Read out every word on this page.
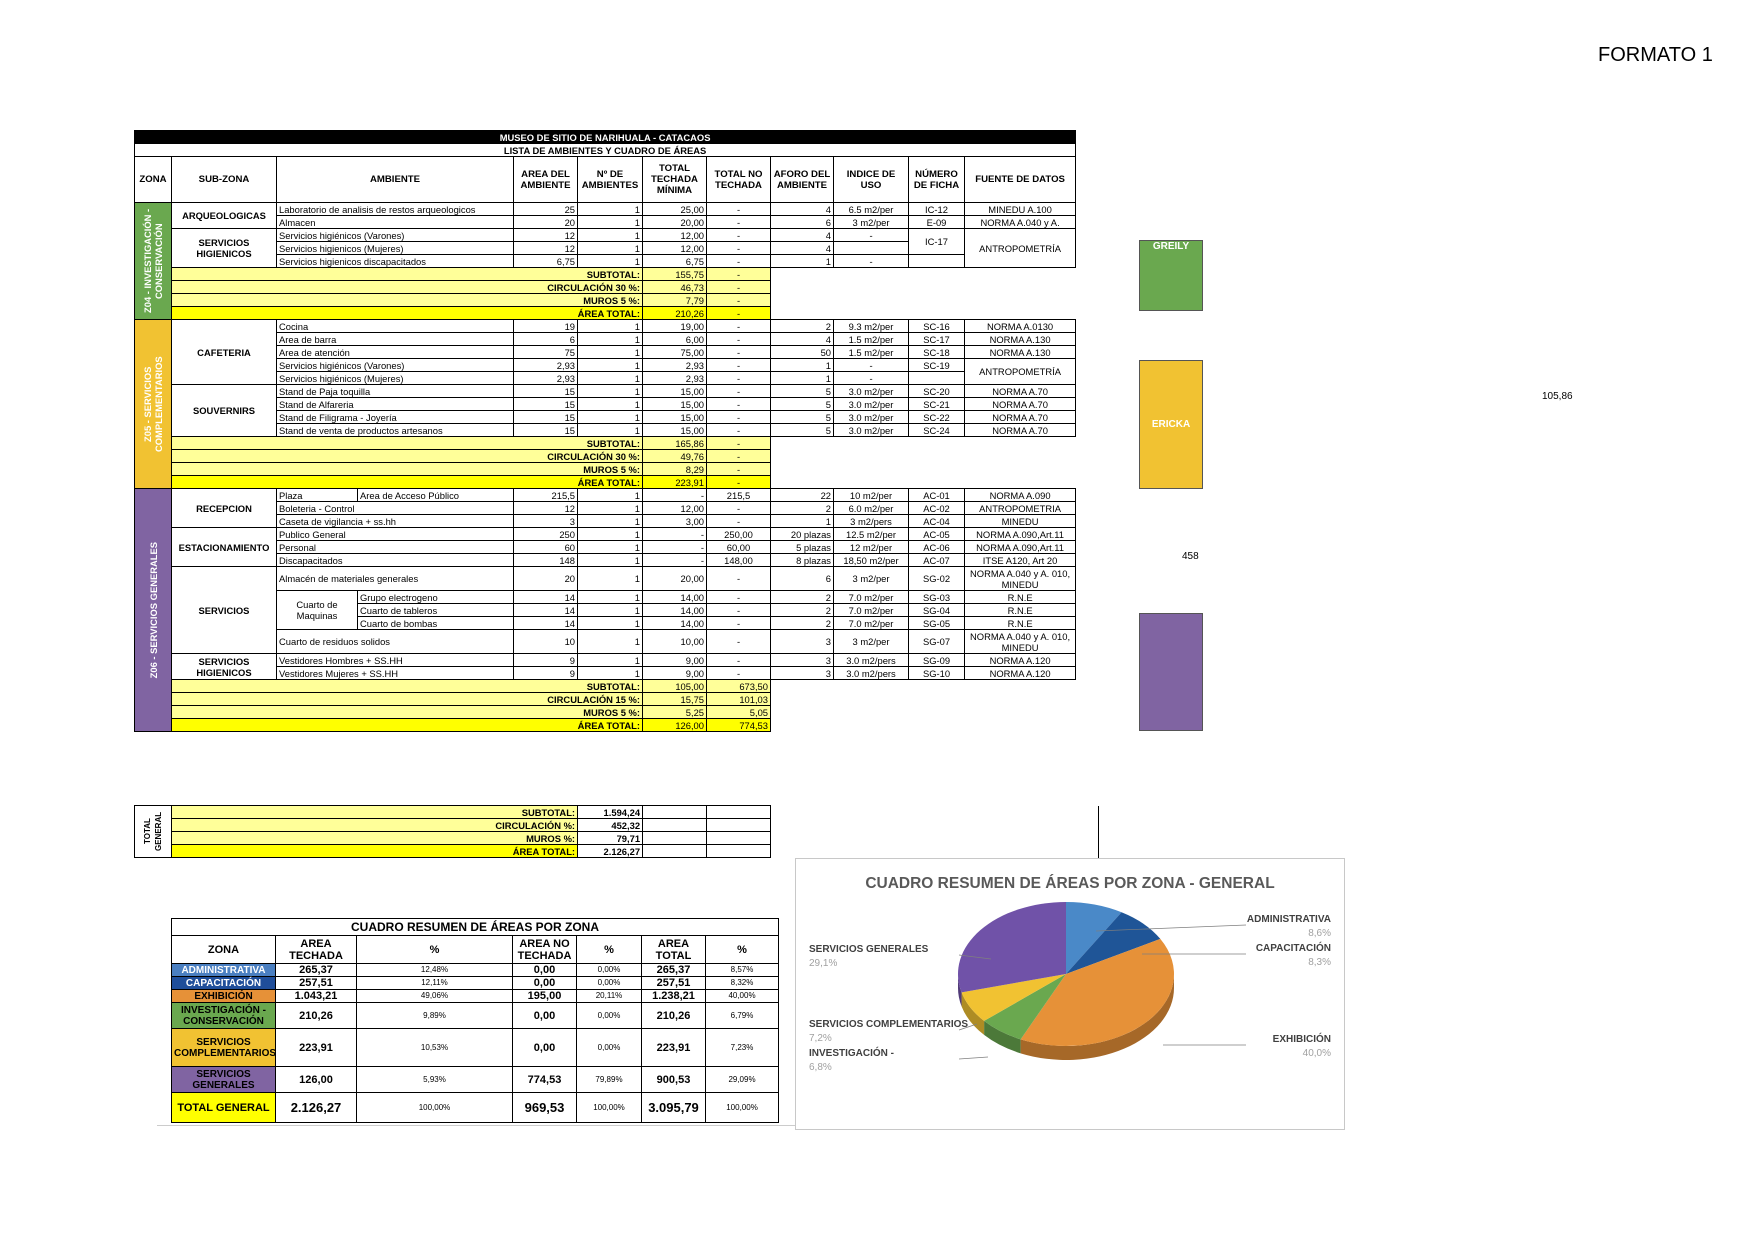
FORMATO 1
MUSEO DE SITIO DE NARIHUALA - CATACAOS											
LISTA DE AMBIENTES Y CUADRO DE ÁREAS											
ZONA	SUB-ZONA	AMBIENTE		AREA DEL AMBIENTE	Nº DE AMBIENTES	TOTAL TECHADA MÍNIMA	TOTAL NO TECHADA	AFORO DEL AMBIENTE	INDICE DE USO	NÚMERO DE FICHA	FUENTE DE DATOS

Z04 - INVESTIGACIÓN - CONSERVACIÓN	ARQUEOLOGICAS	Laboratorio de analisis de restos arqueologicos		25	1	25,00	-	4	6.5 m2/per	IC-12	MINEDU A.100
		Almacen		20	1	20,00	-	6	3 m2/per	E-09	NORMA A.040 y A.
	SERVICIOS HIGIENICOS	Servicios higiénicos (Varones)		12	1	12,00	-	4	-	IC-17	ANTROPOMETRÍA
		Servicios higienicos (Mujeres)		12	1	12,00	-	4			
		Servicios higienicos discapacitados		6,75	1	6,75	-	1	-		
	SUBTOTAL:					155,75	-				
	CIRCULACIÓN 30 %:					46,73	-				
	MUROS 5 %:					7,79	-				
	ÁREA TOTAL:					210,26	-				

Z05 - SERVICIOS COMPLEMENTARIOS	CAFETERIA	Cocina		19	1	19,00	-	2	9.3 m2/per	SC-16	NORMA A.0130
		Area de barra		6	1	6,00	-	4	1.5 m2/per	SC-17	NORMA A.130
		Area de atención		75	1	75,00	-	50	1.5 m2/per	SC-18	NORMA A.130
		Servicios higiénicos (Varones)		2,93	1	2,93	-	1	-	SC-19	ANTROPOMETRÍA
		Servicios higiénicos (Mujeres)		2,93	1	2,93	-	1	-		
	SOUVERNIRS	Stand de Paja toquilla		15	1	15,00	-	5	3.0 m2/per	SC-20	NORMA A.70
		Stand de Alfareria		15	1	15,00	-	5	3.0 m2/per	SC-21	NORMA A.70
		Stand de Filigrama - Joyería		15	1	15,00	-	5	3.0 m2/per	SC-22	NORMA A.70
		Stand de venta de productos artesanos		15	1	15,00	-	5	3.0 m2/per	SC-24	NORMA A.70
	SUBTOTAL:					165,86	-				
	CIRCULACIÓN 30 %:					49,76	-				
	MUROS 5 %:					8,29	-				
	ÁREA TOTAL:					223,91	-				

Z06 - SERVICIOS GENERALES	RECEPCION	Plaza	Area de Acceso Público	215,5	1	-	215,5	22	10 m2/per	AC-01	NORMA A.090
		Boleteria - Control		12	1	12,00	-	2	6.0 m2/per	AC-02	ANTROPOMETRIA
		Caseta de vigilancia + ss.hh		3	1	3,00	-	1	3 m2/pers	AC-04	MINEDU
	ESTACIONAMIENTO	Publico General		250	1	-	250,00	20 plazas	12.5 m2/per	AC-05	NORMA A.090,Art.11
		Personal		60	1	-	60,00	5 plazas	12 m2/per	AC-06	NORMA A.090,Art.11
		Discapacitados		148	1	-	148,00	8 plazas	18,50 m2/per	AC-07	ITSE A120, Art 20
	SERVICIOS	Almacén de materiales generales		20	1	20,00	-	6	3 m2/per	SG-02	NORMA A.040 y A. 010, MINEDU
		Cuarto de Maquinas	Grupo electrogeno	14	1	14,00	-	2	7.0 m2/per	SG-03	R.N.E
			Cuarto de tableros	14	1	14,00	-	2	7.0 m2/per	SG-04	R.N.E
			Cuarto de bombas	14	1	14,00	-	2	7.0 m2/per	SG-05	R.N.E
		Cuarto de residuos solidos		10	1	10,00	-	3	3 m2/per	SG-07	NORMA A.040 y A. 010, MINEDU
	SERVICIOS HIGIENICOS	Vestidores Hombres + SS.HH		9	1	9,00	-	3	3.0 m2/pers	SG-09	NORMA A.120
		Vestidores Mujeres + SS.HH		9	1	9,00	-	3	3.0 m2/pers	SG-10	NORMA A.120
	SUBTOTAL:					105,00	673,50				
	CIRCULACIÓN 15 %:					15,75	101,03				
	MUROS 5 %:					5,25	5,05				
	ÁREA TOTAL:					126,00	774,53				
TOTAL GENERAL	SUBTOTAL:	1.594,24			
	CIRCULACIÓN %:	452,32			
	MUROS %:	79,71			
	ÁREA TOTAL:	2.126,27			
GREILY
ERICKA
105,86
458
CUADRO RESUMEN DE ÁREAS POR ZONA						
ZONA	AREA TECHADA	%	AREA NO TECHADA	%	AREA TOTAL	%
ADMINISTRATIVA	265,37	12,48%	0,00	0,00%	265,37	8,57%
CAPACITACIÓN	257,51	12,11%	0,00	0,00%	257,51	8,32%
EXHIBICIÓN	1.043,21	49,06%	195,00	20,11%	1.238,21	40,00%
INVESTIGACIÓN - CONSERVACIÓN	210,26	9,89%	0,00	0,00%	210,26	6,79%
SERVICIOS COMPLEMENTARIOS	223,91	10,53%	0,00	0,00%	223,91	7,23%
SERVICIOS GENERALES	126,00	5,93%	774,53	79,89%	900,53	29,09%
TOTAL GENERAL	2.126,27	100,00%	969,53	100,00%	3.095,79	100,00%
CUADRO RESUMEN DE ÁREAS POR ZONA - GENERAL
ADMINISTRATIVA
8,6%
CAPACITACIÓN
8,3%
EXHIBICIÓN
40,0%
INVESTIGACIÓN -
6,8%
SERVICIOS COMPLEMENTARIOS
7,2%
SERVICIOS GENERALES
29,1%
